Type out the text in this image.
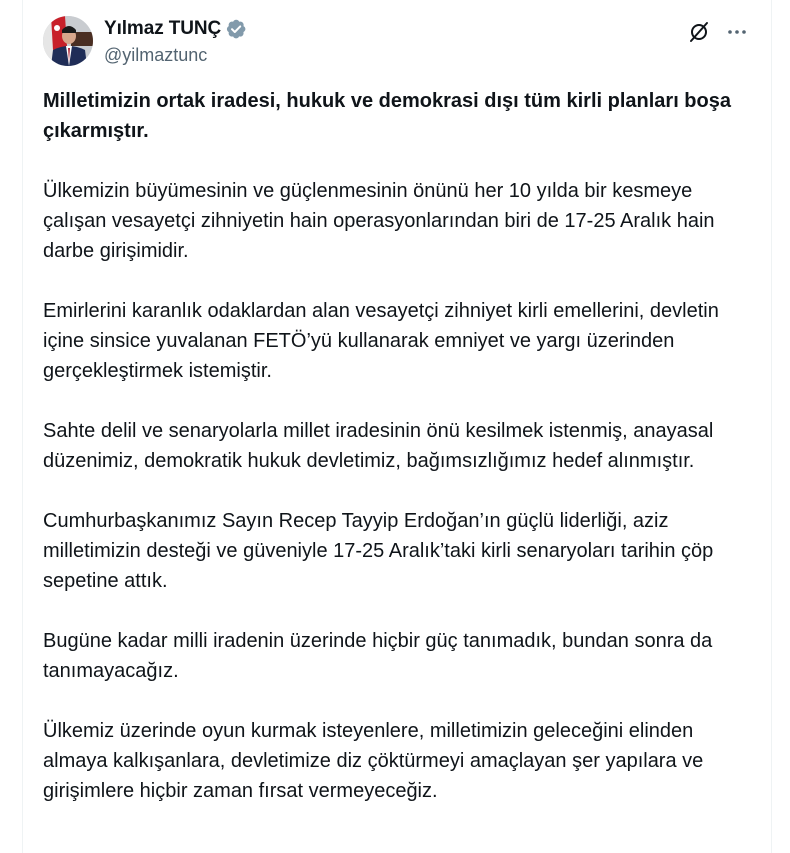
Yılmaz TUNÇ
@yilmaztunc

Milletimizin ortak iradesi, hukuk ve demokrasi dışı tüm kirli planları boşa çıkarmıştır.

Ülkemizin büyümesinin ve güçlenmesinin önünü her 10 yılda bir kesmeye çalışan vesayetçi zihniyetin hain operasyonlarından biri de 17-25 Aralık hain darbe girişimidir.

Emirlerini karanlık odaklardan alan vesayetçi zihniyet kirli emellerini, devletin içine sinsice yuvalanan FETÖ’yü kullanarak emniyet ve yargı üzerinden gerçekleştirmek istemiştir.

Sahte delil ve senaryolarla millet iradesinin önü kesilmek istenmiş, anayasal düzenimiz, demokratik hukuk devletimiz, bağımsızlığımız hedef alınmıştır.

Cumhurbaşkanımız Sayın Recep Tayyip Erdoğan’ın güçlü liderliği, aziz milletimizin desteği ve güveniyle 17-25 Aralık’taki kirli senaryoları tarihin çöp sepetine attık.

Bugüne kadar milli iradenin üzerinde hiçbir güç tanımadık, bundan sonra da tanımayacağız.

Ülkemiz üzerinde oyun kurmak isteyenlere, milletimizin geleceğini elinden almaya kalkışanlara, devletimize diz çöktürmeyi amaçlayan şer yapılara ve girişimlere hiçbir zaman fırsat vermeyeceğiz.
